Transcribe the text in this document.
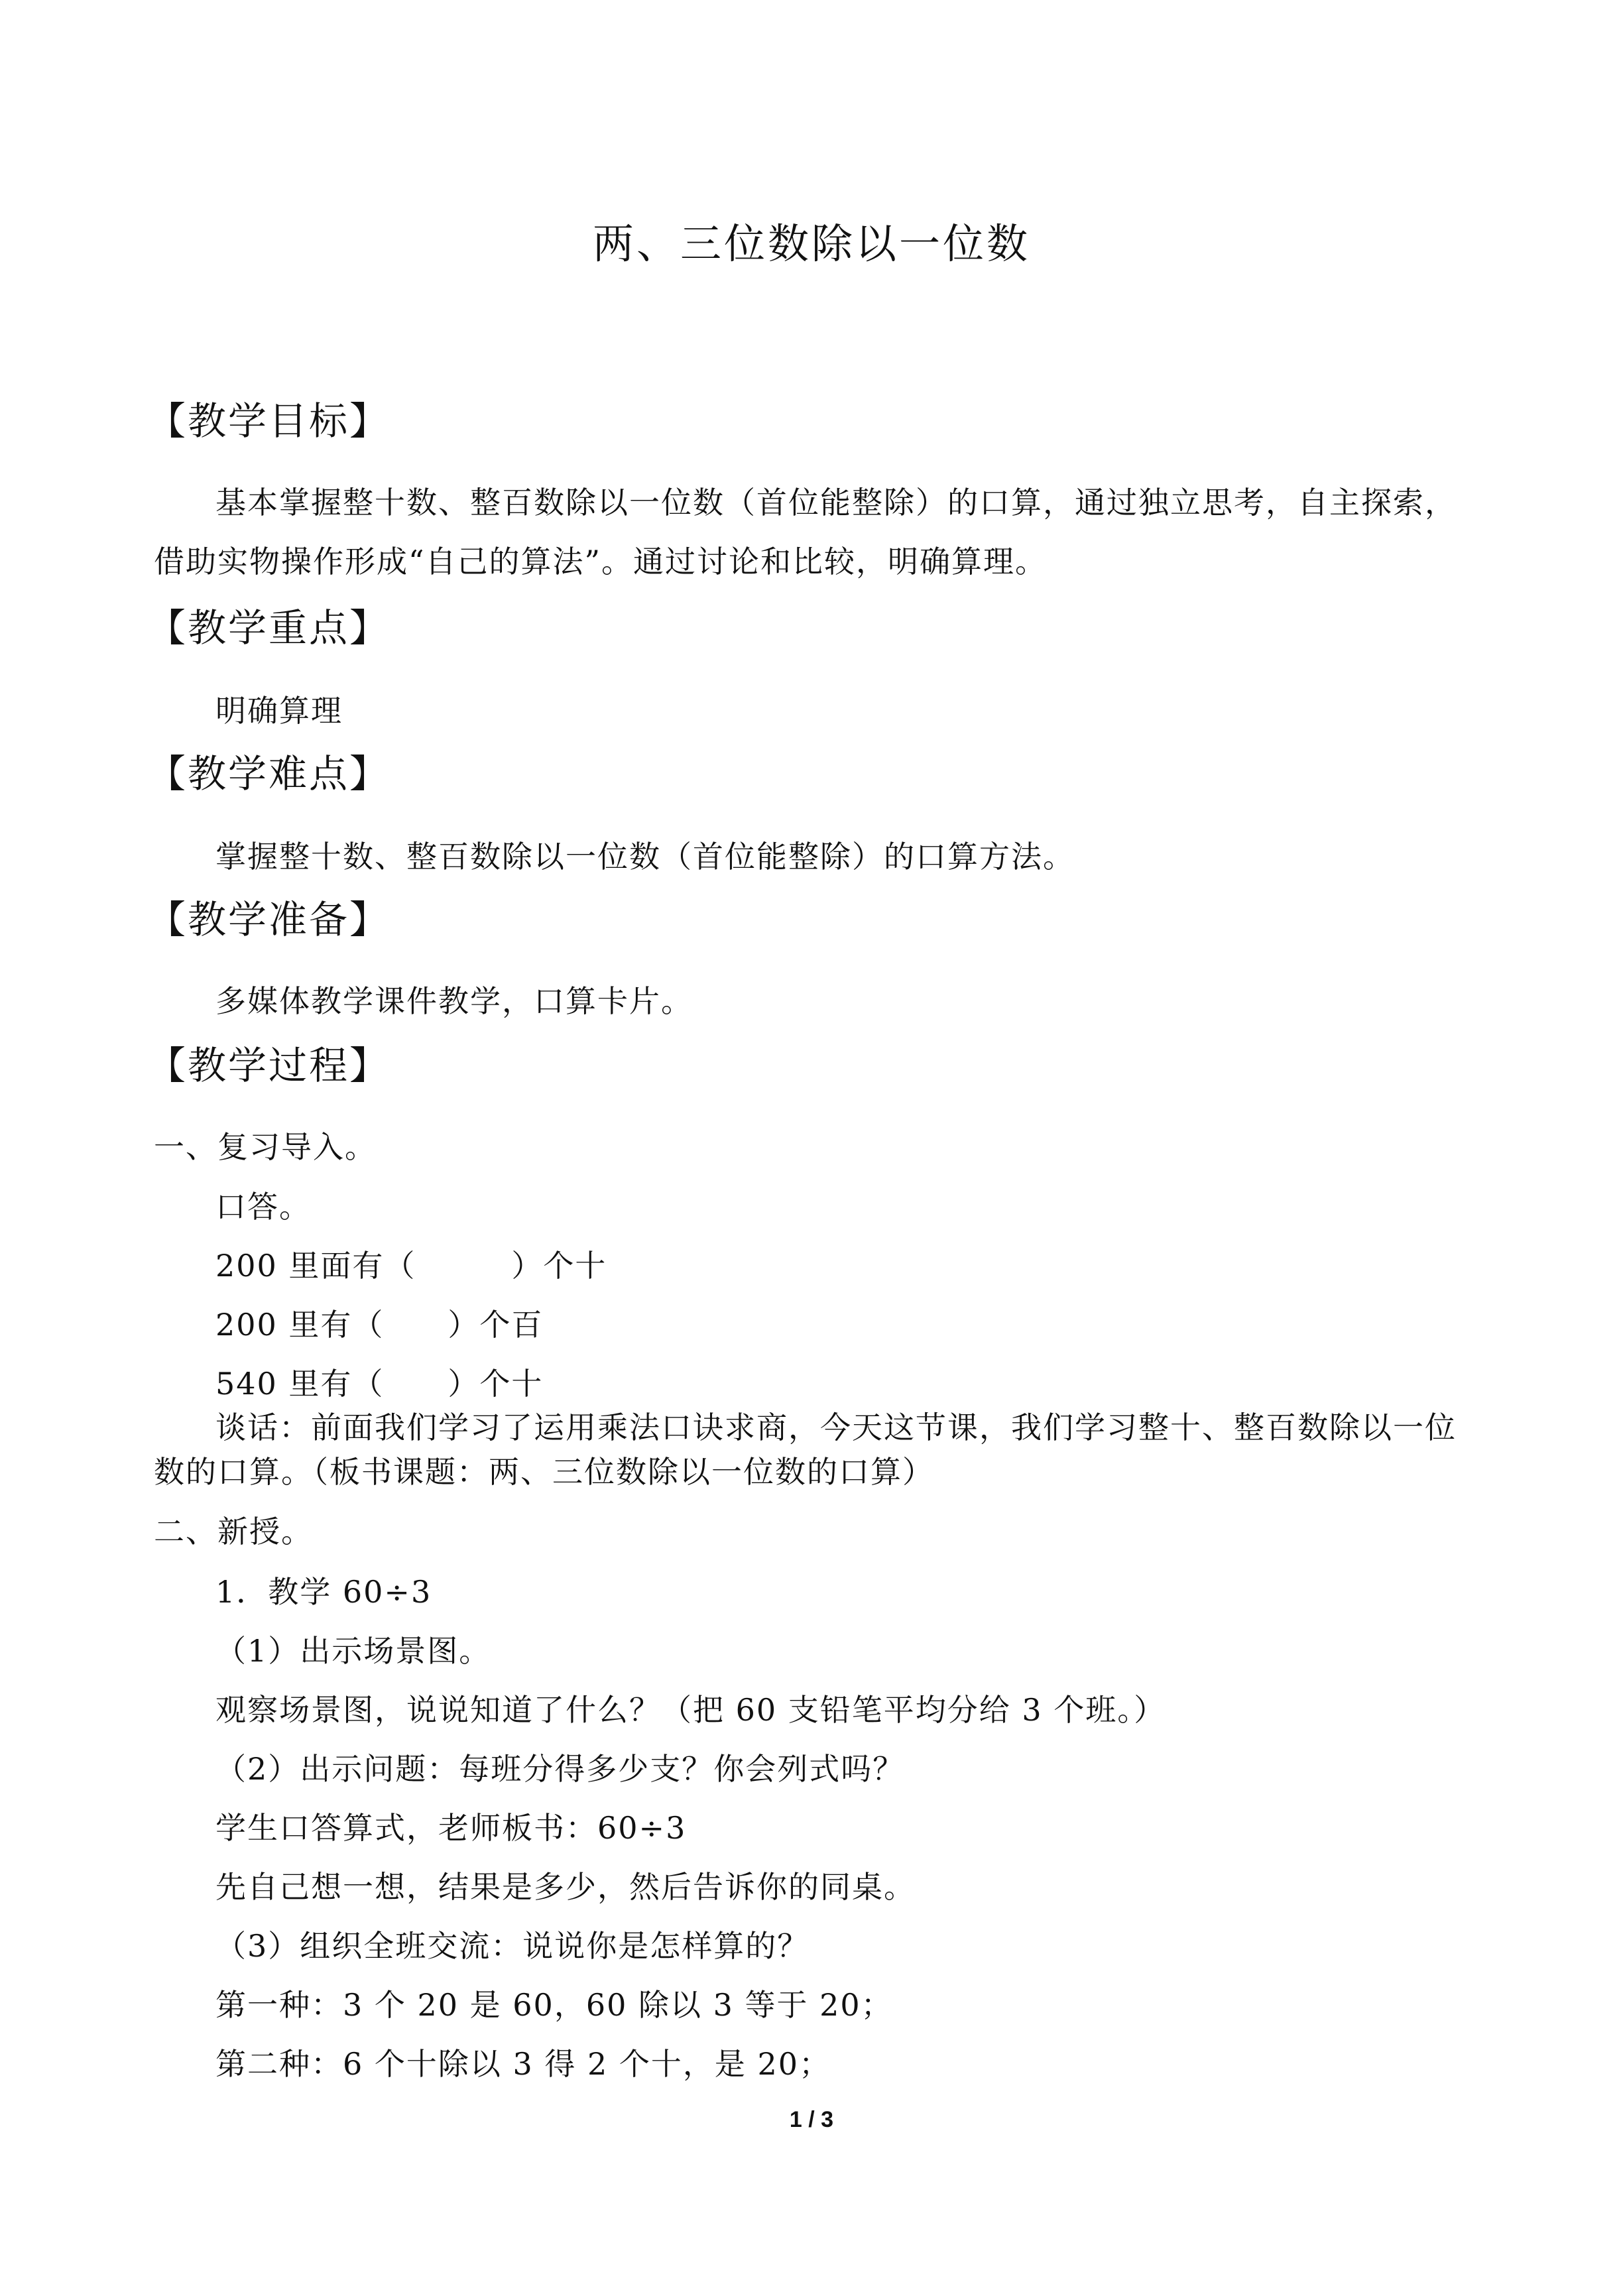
两、三位数除以一位数
【教学目标】
基本掌握整十数、整百数除以一位数（首位能整除）的口算，通过独立思考，自主探索，
借助实物操作形成“自己的算法”。通过讨论和比较，明确算理。
【教学重点】
明确算理
【教学难点】
掌握整十数、整百数除以一位数（首位能整除）的口算方法。
【教学准备】
多媒体教学课件教学，口算卡片。
【教学过程】
一、复习导入。
口答。
200 里面有（　　　）个十
200 里有（　　）个百
540 里有（　　）个十
谈话：前面我们学习了运用乘法口诀求商，今天这节课，我们学习整十、整百数除以一位
数的口算。（板书课题：两、三位数除以一位数的口算）
二、新授。
1．教学 60÷3
（1）出示场景图。
观察场景图，说说知道了什么？（把 60 支铅笔平均分给 3 个班。）
（2）出示问题：每班分得多少支？你会列式吗？
学生口答算式，老师板书：60÷3
先自己想一想，结果是多少，然后告诉你的同桌。
（3）组织全班交流：说说你是怎样算的？
第一种：3 个 20 是 60，60 除以 3 等于 20；
第二种：6 个十除以 3 得 2 个十，是 20；
1 / 3
